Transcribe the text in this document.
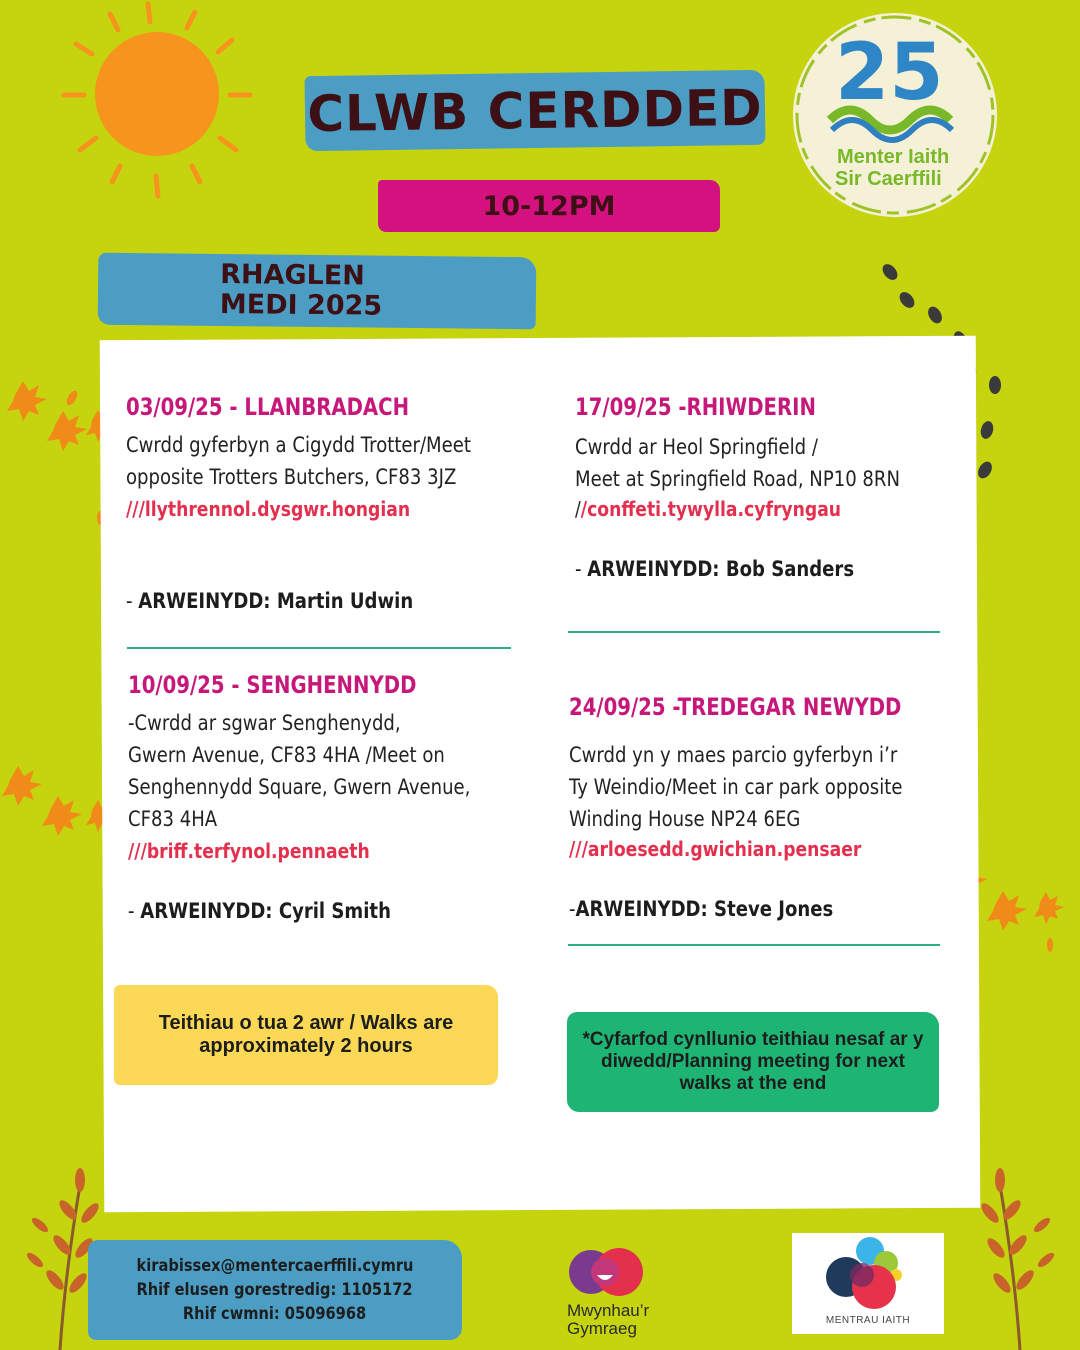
25
Menter Iaith
Sir Caerffili
CLWB CERDDED
10-12PM
RHAGLEN
MEDI 2025
03/09/25 - LLANBRADACH
Cwrdd gyferbyn a Cigydd Trotter/Meet
opposite Trotters Butchers, CF83 3JZ
///llythrennol.dysgwr.hongian
- ARWEINYDD: Martin Udwin
17/09/25 -RHIWDERIN
Cwrdd ar Heol Springfield /
Meet at Springfield Road, NP10 8RN
//conffeti.tywylla.cyfryngau
- ARWEINYDD: Bob Sanders
10/09/25 - SENGHENNYDD
-Cwrdd ar sgwar Senghenydd,
Gwern Avenue, CF83 4HA /Meet on
Senghennydd Square, Gwern Avenue,
CF83 4HA
///briff.terfynol.pennaeth
- ARWEINYDD: Cyril Smith
24/09/25 -TREDEGAR NEWYDD
Cwrdd yn y maes parcio gyferbyn i’r
Ty Weindio/Meet in car park opposite
Winding House NP24 6EG
///arloesedd.gwichian.pensaer
-ARWEINYDD: Steve Jones
Teithiau o tua 2 awr / Walks are approximately 2 hours	*Cyfarfod cynllunio teithiau nesaf ar y diwedd/Planning meeting for next walks at the end
kirabissex@mentercaerffili.cymru
Rhif elusen gorestredig: 1105172
Rhif cwmni: 05096968	Mwynhau’r
Gymraeg	MENTRAU IAITH
